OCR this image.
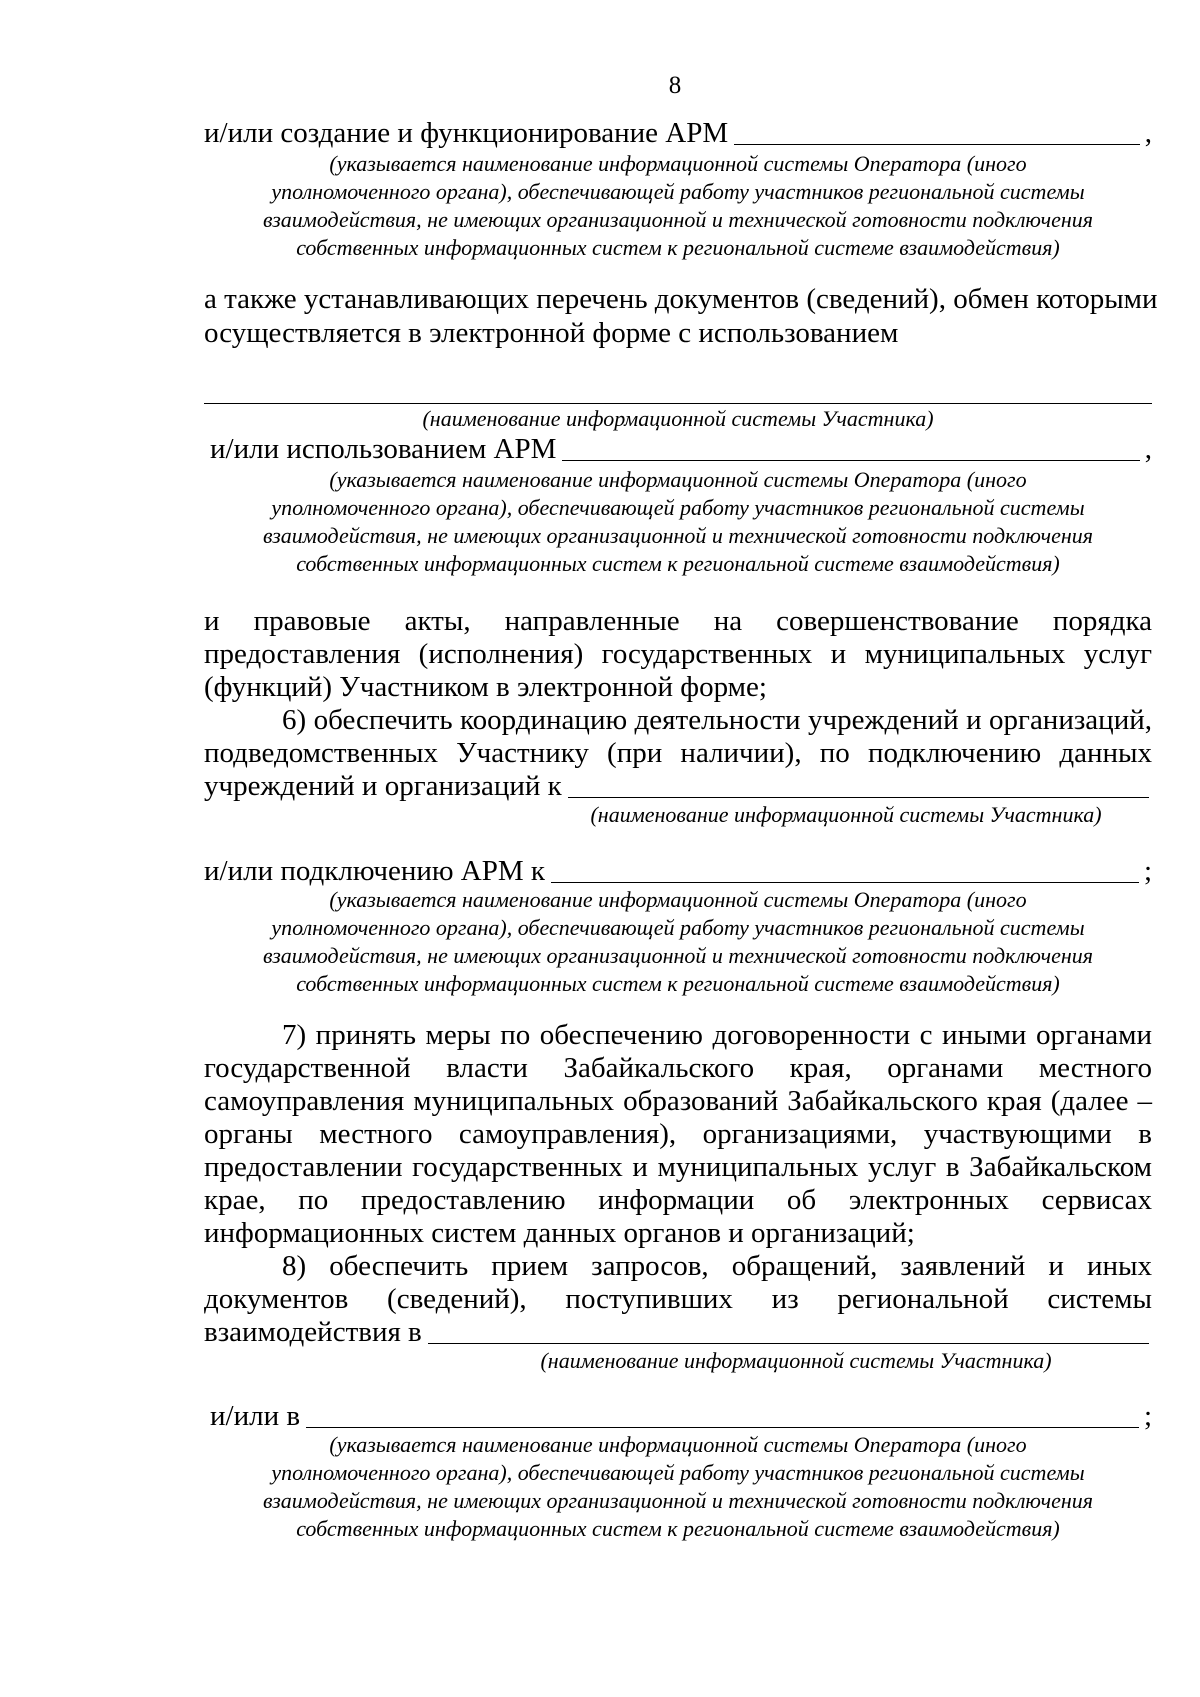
8
и/или создание и функционирование АРМ	,
(указывается наименование информационной системы Оператора (иного
уполномоченного органа), обеспечивающей работу участников региональной системы
взаимодействия, не имеющих организационной и технической готовности подключения
собственных информационных систем к региональной системе взаимодействия)
а также устанавливающих перечень документов (сведений), обмен которыми
осуществляется в электронной форме с использованием
(наименование информационной системы Участника)
и/или использованием АРМ	,
(указывается наименование информационной системы Оператора (иного
уполномоченного органа), обеспечивающей работу участников региональной системы
взаимодействия, не имеющих организационной и технической готовности подключения
собственных информационных систем к региональной системе взаимодействия)
и правовые акты, направленные на совершенствование порядка
предоставления (исполнения) государственных и муниципальных услуг
(функций) Участником в электронной форме;
6) обеспечить координацию деятельности учреждений и организаций,
подведомственных Участнику (при наличии), по подключению данных
учреждений и организаций к
(наименование информационной системы Участника)
и/или подключению АРМ к	;
(указывается наименование информационной системы Оператора (иного
уполномоченного органа), обеспечивающей работу участников региональной системы
взаимодействия, не имеющих организационной и технической готовности подключения
собственных информационных систем к региональной системе взаимодействия)
7) принять меры по обеспечению договоренности с иными органами
государственной власти Забайкальского края, органами местного
самоуправления муниципальных образований Забайкальского края (далее –
органы местного самоуправления), организациями, участвующими в
предоставлении государственных и муниципальных услуг в Забайкальском
крае, по предоставлению информации об электронных сервисах
информационных систем данных органов и организаций;
8) обеспечить прием запросов, обращений, заявлений и иных
документов (сведений), поступивших из региональной системы
взаимодействия в
(наименование информационной системы Участника)
и/или в	;
(указывается наименование информационной системы Оператора (иного
уполномоченного органа), обеспечивающей работу участников региональной системы
взаимодействия, не имеющих организационной и технической готовности подключения
собственных информационных систем к региональной системе взаимодействия)
